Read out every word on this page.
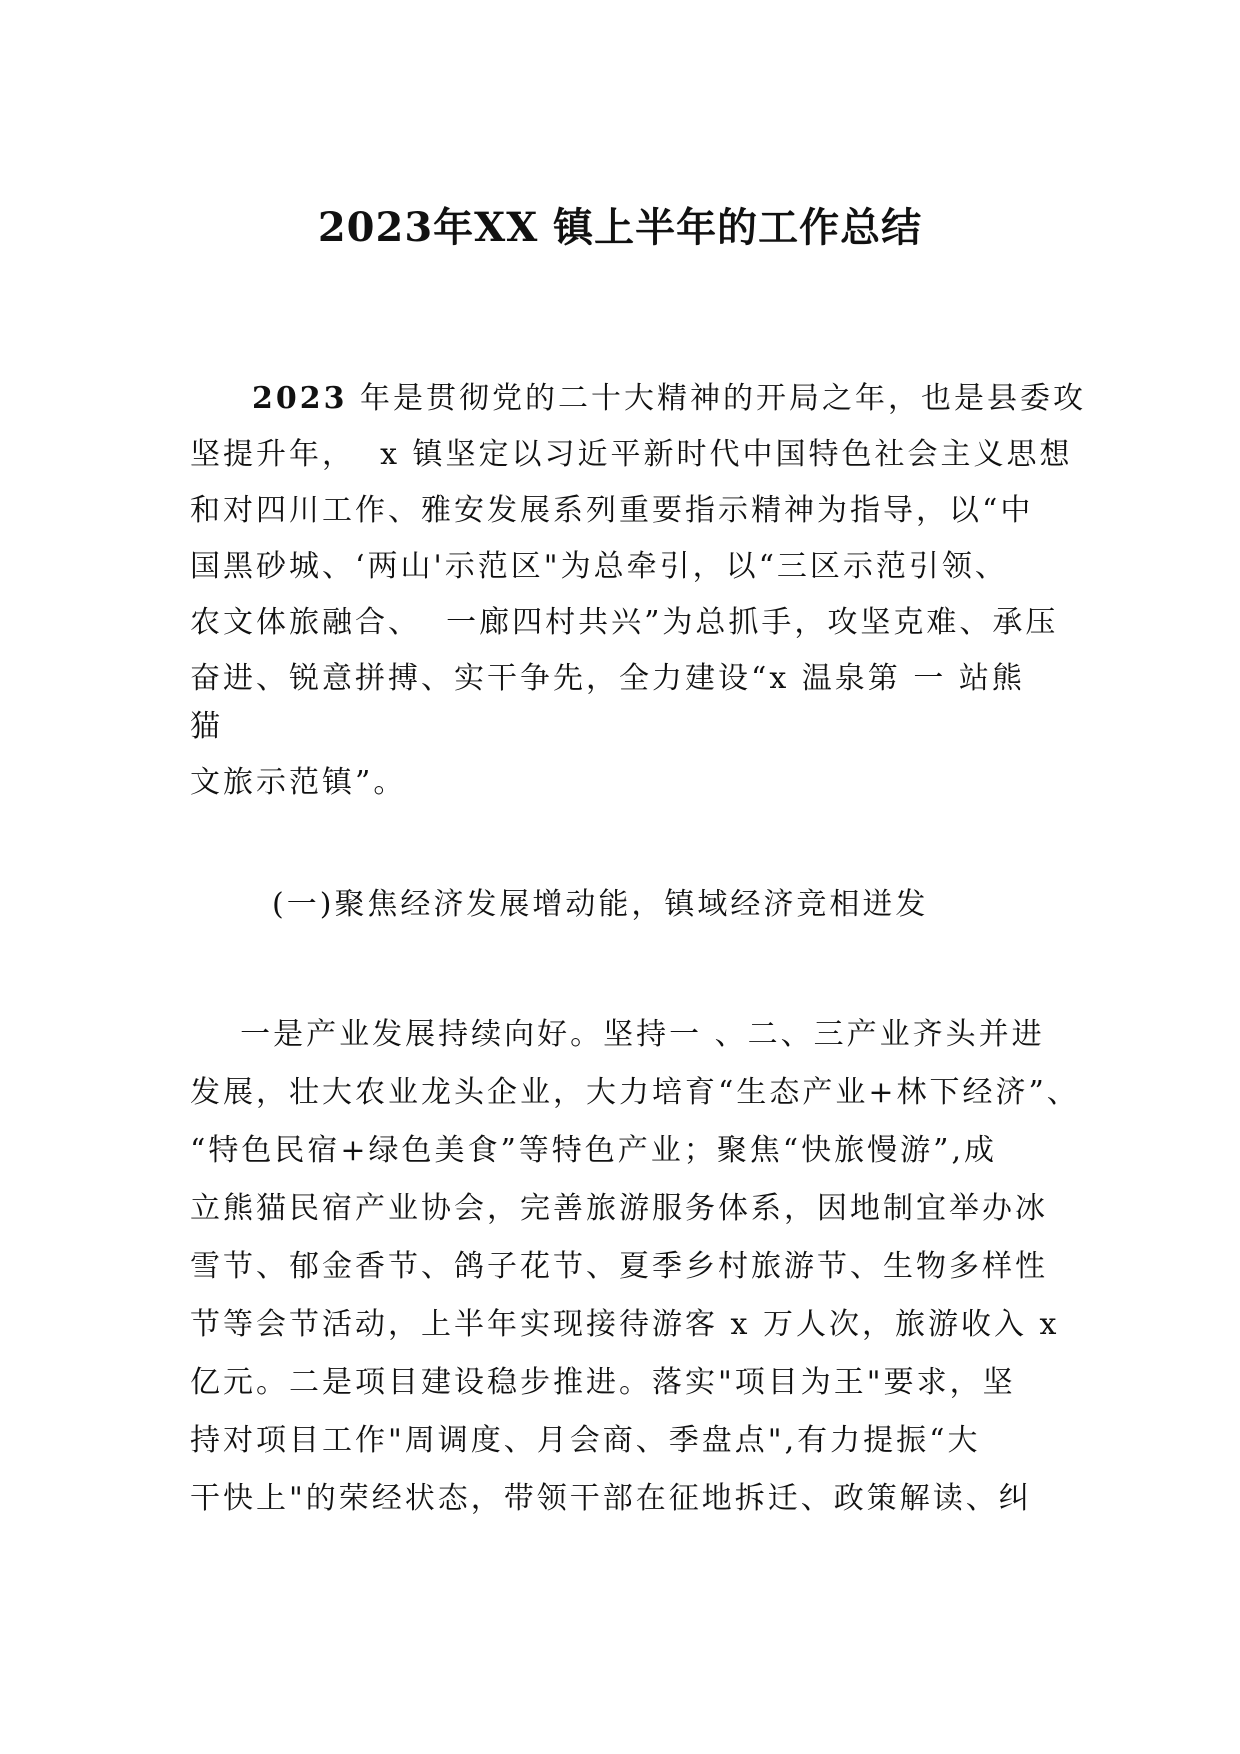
2023年XX 镇上半年的工作总结

2023 年是贯彻党的二十大精神的开局之年，也是县委攻

坚提升年，  x 镇坚定以习近平新时代中国特色社会主义思想

和对四川工作、雅安发展系列重要指示精神为指导，以“中

国黑砂城、‘两山'示范区"为总牵引，以“三区示范引领、

农文体旅融合、  一廊四村共兴”为总抓手，攻坚克难、承压

奋进、锐意拼搏、实干争先，全力建设“x 温泉第 一 站熊

猫

文旅示范镇”。

(一)聚焦经济发展增动能，镇域经济竞相迸发

一是产业发展持续向好。坚持一 、二、三产业齐头并进

发展，壮大农业龙头企业，大力培育“生态产业+林下经济”、

“特色民宿+绿色美食”等特色产业；聚焦“快旅慢游”,成

立熊猫民宿产业协会，完善旅游服务体系，因地制宜举办冰

雪节、郁金香节、鸽子花节、夏季乡村旅游节、生物多样性

节等会节活动，上半年实现接待游客 x 万人次，旅游收入 x

亿元。二是项目建设稳步推进。落实"项目为王"要求，坚

持对项目工作"周调度、月会商、季盘点",有力提振“大

干快上"的荣经状态，带领干部在征地拆迁、政策解读、纠
